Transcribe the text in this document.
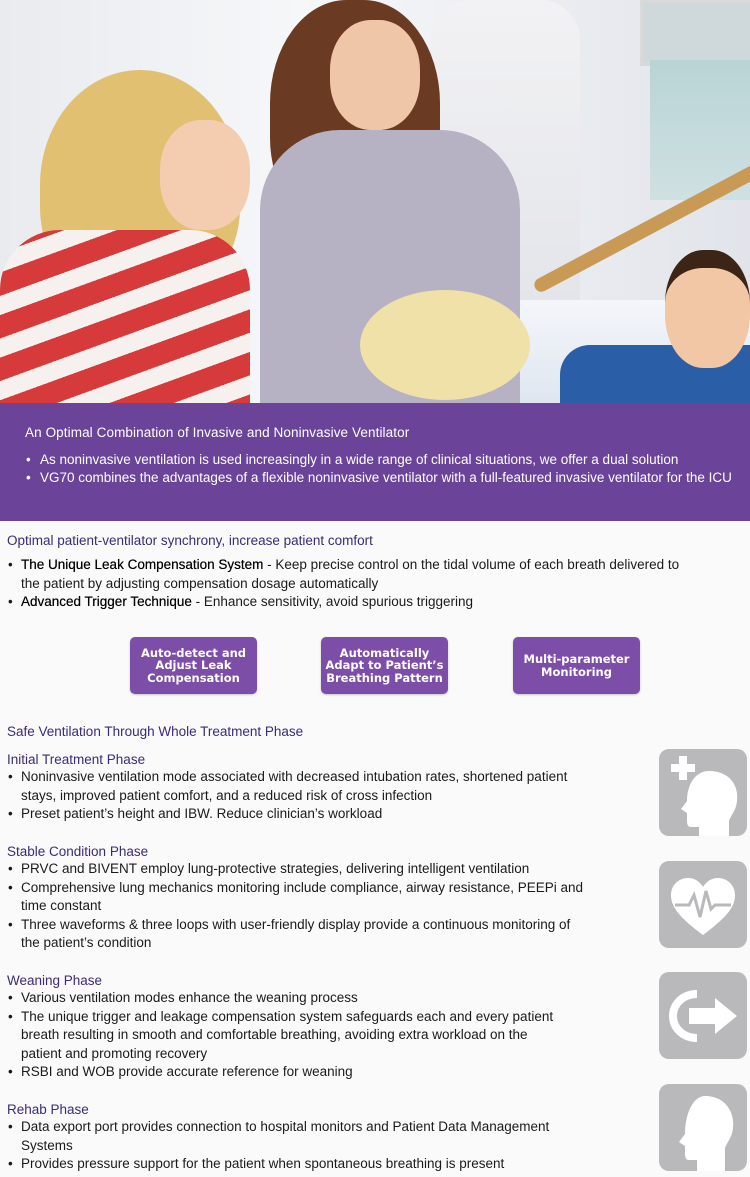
An Optimal Combination of Invasive and Noninvasive Ventilator
• As noninvasive ventilation is used increasingly in a wide range of clinical situations, we offer a dual solution
• VG70 combines the advantages of a flexible noninvasive ventilator with a full-featured invasive ventilator for the ICU
Optimal patient-ventilator synchrony, increase patient comfort
• The Unique Leak Compensation System - Keep precise control on the tidal volume of each breath delivered to the patient by adjusting compensation dosage automatically
• Advanced Trigger Technique - Enhance sensitivity, avoid spurious triggering
Auto-detect and
Adjust Leak
Compensation
Automatically
Adapt to Patient’s
Breathing Pattern
Multi-parameter
Monitoring
Safe Ventilation Through Whole Treatment Phase
Initial Treatment Phase
• Noninvasive ventilation mode associated with decreased intubation rates, shortened patient stays, improved patient comfort, and a reduced risk of cross infection
• Preset patient’s height and IBW. Reduce clinician’s workload
Stable Condition Phase
• PRVC and BIVENT employ lung-protective strategies, delivering intelligent ventilation
• Comprehensive lung mechanics monitoring include compliance, airway resistance, PEEPi and time constant
• Three waveforms & three loops with user-friendly display provide a continuous monitoring of the patient’s condition
Weaning Phase
• Various ventilation modes enhance the weaning process
• The unique trigger and leakage compensation system safeguards each and every patient breath resulting in smooth and comfortable breathing, avoiding extra workload on the patient and promoting recovery
• RSBI and WOB provide accurate reference for weaning
Rehab Phase
• Data export port provides connection to hospital monitors and Patient Data Management Systems
• Provides pressure support for the patient when spontaneous breathing is present
